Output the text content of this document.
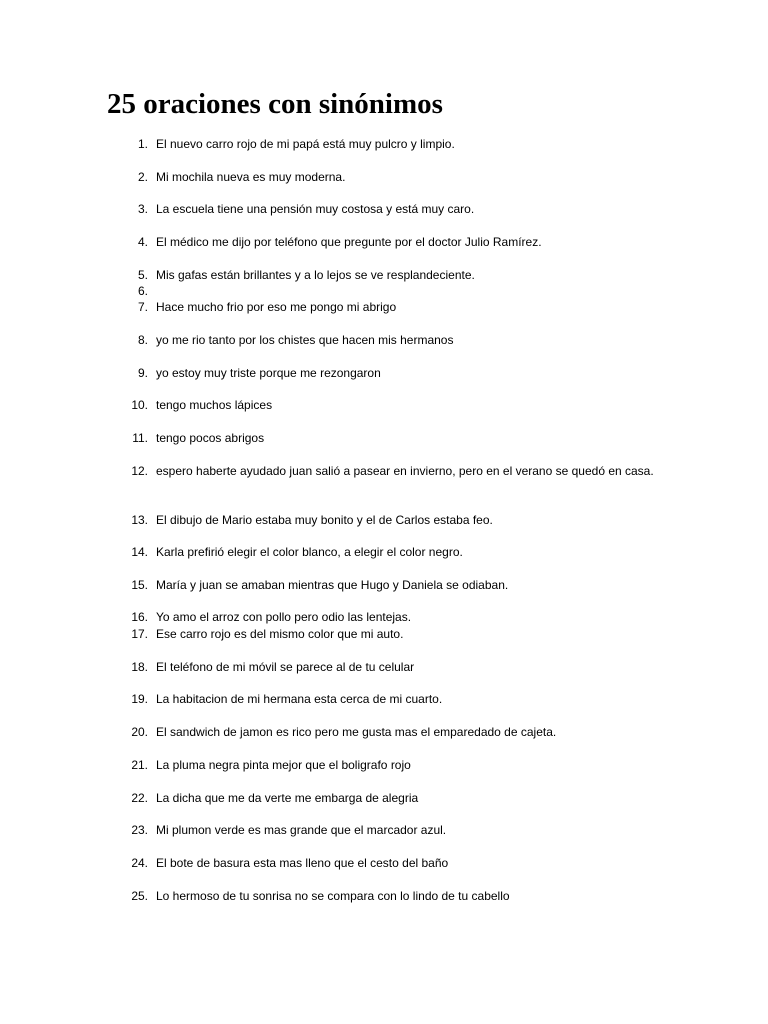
25 oraciones con sinónimos
1. El nuevo carro rojo de mi papá está muy pulcro y limpio.
2. Mi mochila nueva es muy moderna.
3. La escuela tiene una pensión muy costosa y está muy caro.
4. El médico me dijo por teléfono que pregunte por el doctor Julio Ramírez.
5. Mis gafas están brillantes y a lo lejos se ve resplandeciente.
6.
7. Hace mucho frio por eso me pongo mi abrigo
8. yo me rio tanto por los chistes que hacen mis hermanos
9. yo estoy muy triste porque me rezongaron
10. tengo muchos lápices
11. tengo pocos abrigos
12. espero haberte ayudado juan salió a pasear en invierno, pero en el verano se quedó en casa.
13. El dibujo de Mario estaba muy bonito y el de Carlos estaba feo.
14. Karla prefirió elegir el color blanco, a elegir el color negro.
15. María y juan se amaban mientras que Hugo y Daniela se odiaban.
16. Yo amo el arroz con pollo pero odio las lentejas.
17. Ese carro rojo es del mismo color que mi auto.
18. El teléfono de mi móvil se parece al de tu celular
19. La habitacion de mi hermana esta cerca de mi cuarto.
20. El sandwich de jamon es rico pero me gusta mas el emparedado de cajeta.
21. La pluma negra pinta mejor que el boligrafo rojo
22. La dicha que me da verte me embarga de alegria
23. Mi plumon verde es mas grande que el marcador azul.
24. El bote de basura esta mas lleno que el cesto del baño
25. Lo hermoso de tu sonrisa no se compara con lo lindo de tu cabello
